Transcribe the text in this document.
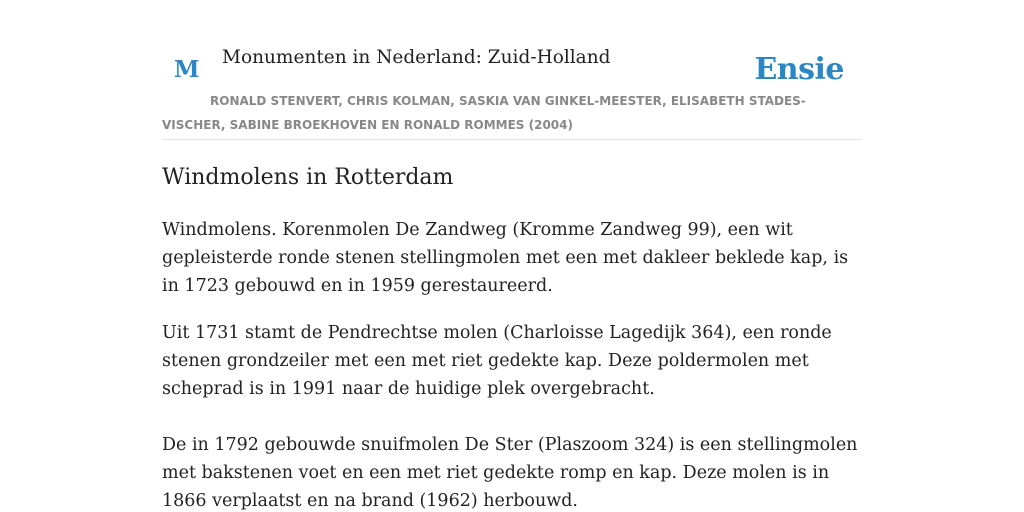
M Monumenten in Nederland: Zuid-Holland	Ensie
RONALD STENVERT, CHRIS KOLMAN, SASKIA VAN GINKEL-MEESTER, ELISABETH STADES-VISCHER, SABINE BROEKHOVEN EN RONALD ROMMES (2004)
Windmolens in Rotterdam

Windmolens. Korenmolen De Zandweg (Kromme Zandweg 99), een wit gepleisterde ronde stenen stellingmolen met een met dakleer beklede kap, is in 1723 gebouwd en in 1959 gerestaureerd.

Uit 1731 stamt de Pendrechtse molen (Charloisse Lagedijk 364), een ronde stenen grondzeiler met een met riet gedekte kap. Deze poldermolen met scheprad is in 1991 naar de huidige plek overgebracht.

De in 1792 gebouwde snuifmolen De Ster (Plaszoom 324) is een stellingmolen met bakstenen voet en een met riet gedekte romp en kap. Deze molen is in 1866 verplaatst en na brand (1962) herbouwd.
